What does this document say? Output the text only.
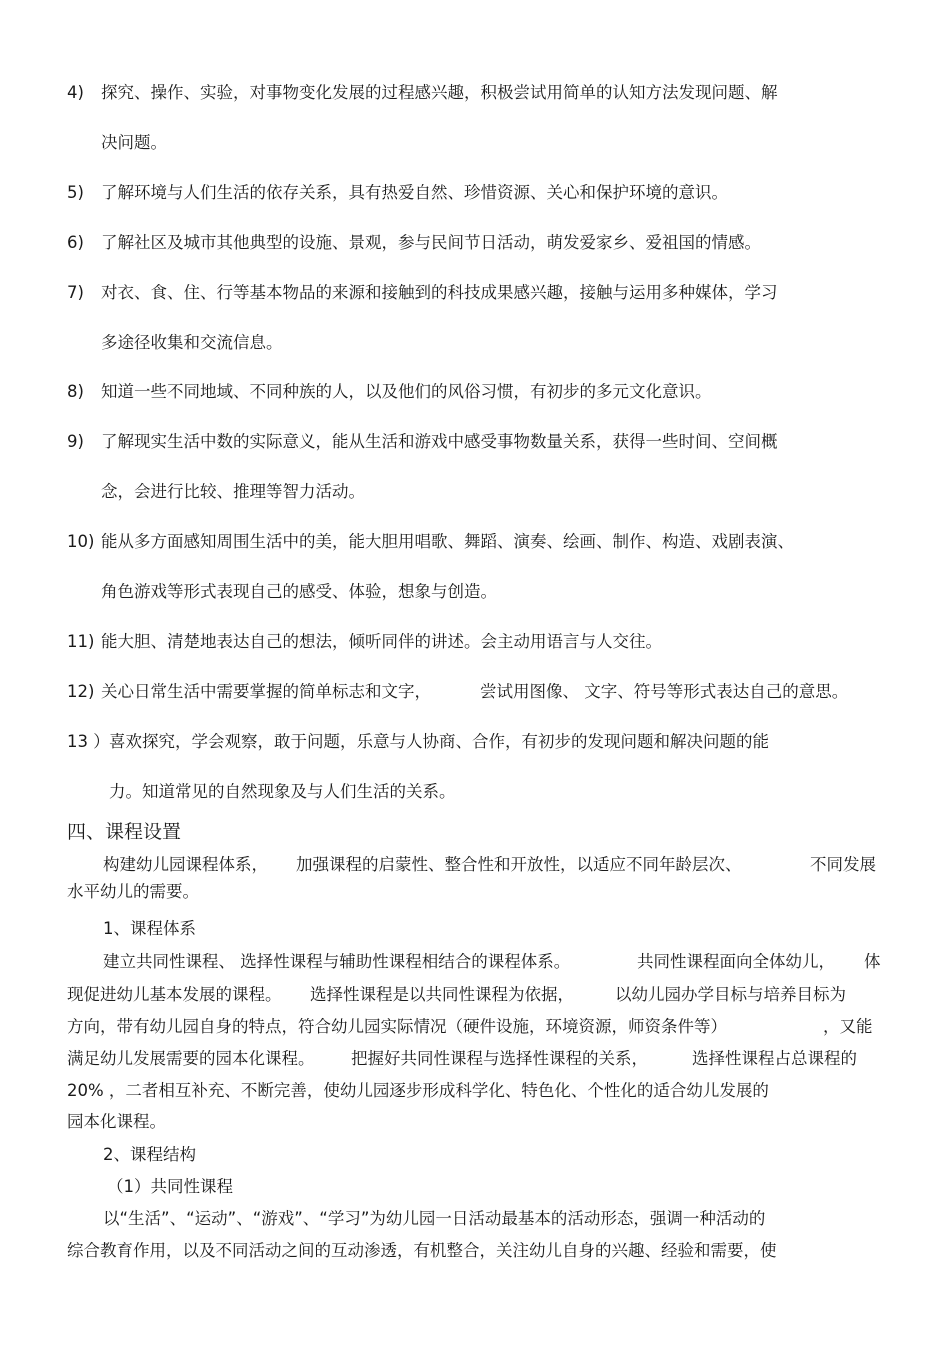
4) 探究、操作、实验，对事物变化发展的过程感兴趣，积极尝试用简单的认知方法发现问题、解
决问题。
5) 了解环境与人们生活的依存关系，具有热爱自然、珍惜资源、关心和保护环境的意识。
6) 了解社区及城市其他典型的设施、景观，参与民间节日活动，萌发爱家乡、爱祖国的情感。
7) 对衣、食、住、行等基本物品的来源和接触到的科技成果感兴趣，接触与运用多种媒体，学习
多途径收集和交流信息。
8) 知道一些不同地域、不同种族的人，以及他们的风俗习惯，有初步的多元文化意识。
9) 了解现实生活中数的实际意义，能从生活和游戏中感受事物数量关系，获得一些时间、空间概
念，会进行比较、推理等智力活动。
10) 能从多方面感知周围生活中的美，能大胆用唱歌、舞蹈、演奏、绘画、制作、构造、戏剧表演、
角色游戏等形式表现自己的感受、体验，想象与创造。
11) 能大胆、清楚地表达自己的想法，倾听同伴的讲述。会主动用语言与人交往。
12) 关心日常生活中需要掌握的简单标志和文字，	尝试用图像、 文字、符号等形式表达自己的意思。
13 ） 喜欢探究，学会观察，敢于问题，乐意与人协商、合作，有初步的发现问题和解决问题的能
力。知道常见的自然现象及与人们生活的关系。
四、课程设置
构建幼儿园课程体系， 加强课程的启蒙性、整合性和开放性，以适应不同年龄层次、	不同发展
水平幼儿的需要。
1、课程体系
建立共同性课程、 选择性课程与辅助性课程相结合的课程体系。	共同性课程面向全体幼儿， 体
现促进幼儿基本发展的课程。 选择性课程是以共同性课程为依据， 以幼儿园办学目标与培养目标为
方向，带有幼儿园自身的特点，符合幼儿园实际情况（硬件设施，环境资源，师资条件等）	，又能
满足幼儿发展需要的园本化课程。 把握好共同性课程与选择性课程的关系，	选择性课程占总课程的
20% ，二者相互补充、不断完善，使幼儿园逐步形成科学化、特色化、个性化的适合幼儿发展的
园本化课程。
2、课程结构
（1）共同性课程
以“生活”、“运动”、“游戏”、“学习”为幼儿园一日活动最基本的活动形态，强调一种活动的
综合教育作用，以及不同活动之间的互动渗透，有机整合，关注幼儿自身的兴趣、经验和需要，使
